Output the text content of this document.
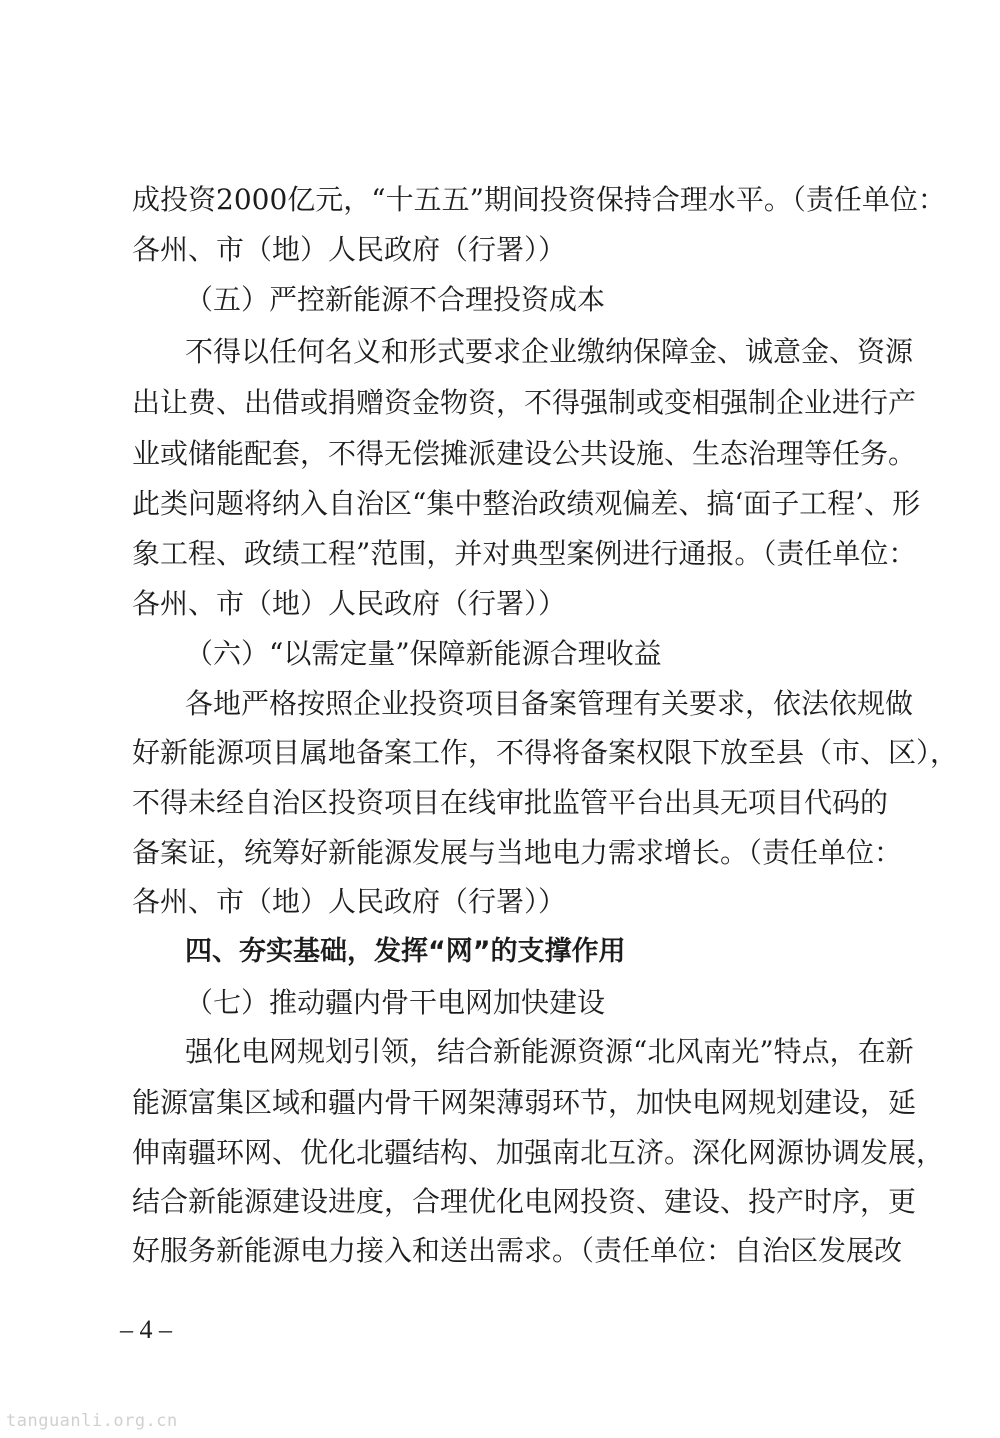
成投资2000亿元，“十五五”期间投资保持合理水平。（责任单位：
各州、市（地）人民政府（行署））
（五）严控新能源不合理投资成本
不得以任何名义和形式要求企业缴纳保障金、诚意金、资源
出让费、出借或捐赠资金物资，不得强制或变相强制企业进行产
业或储能配套，不得无偿摊派建设公共设施、生态治理等任务。
此类问题将纳入自治区“集中整治政绩观偏差、搞‘面子工程’、形
象工程、政绩工程”范围，并对典型案例进行通报。（责任单位：
各州、市（地）人民政府（行署））
（六）“以需定量”保障新能源合理收益
各地严格按照企业投资项目备案管理有关要求，依法依规做
好新能源项目属地备案工作，不得将备案权限下放至县（市、区），
不得未经自治区投资项目在线审批监管平台出具无项目代码的
备案证，统筹好新能源发展与当地电力需求增长。（责任单位：
各州、市（地）人民政府（行署））
四、夯实基础，发挥“网”的支撑作用
（七）推动疆内骨干电网加快建设
强化电网规划引领，结合新能源资源“北风南光”特点，在新
能源富集区域和疆内骨干网架薄弱环节，加快电网规划建设，延
伸南疆环网、优化北疆结构、加强南北互济。深化网源协调发展，
结合新能源建设进度，合理优化电网投资、建设、投产时序，更
好服务新能源电力接入和送出需求。（责任单位：自治区发展改
– 4 –
tanguanli.org.cn
